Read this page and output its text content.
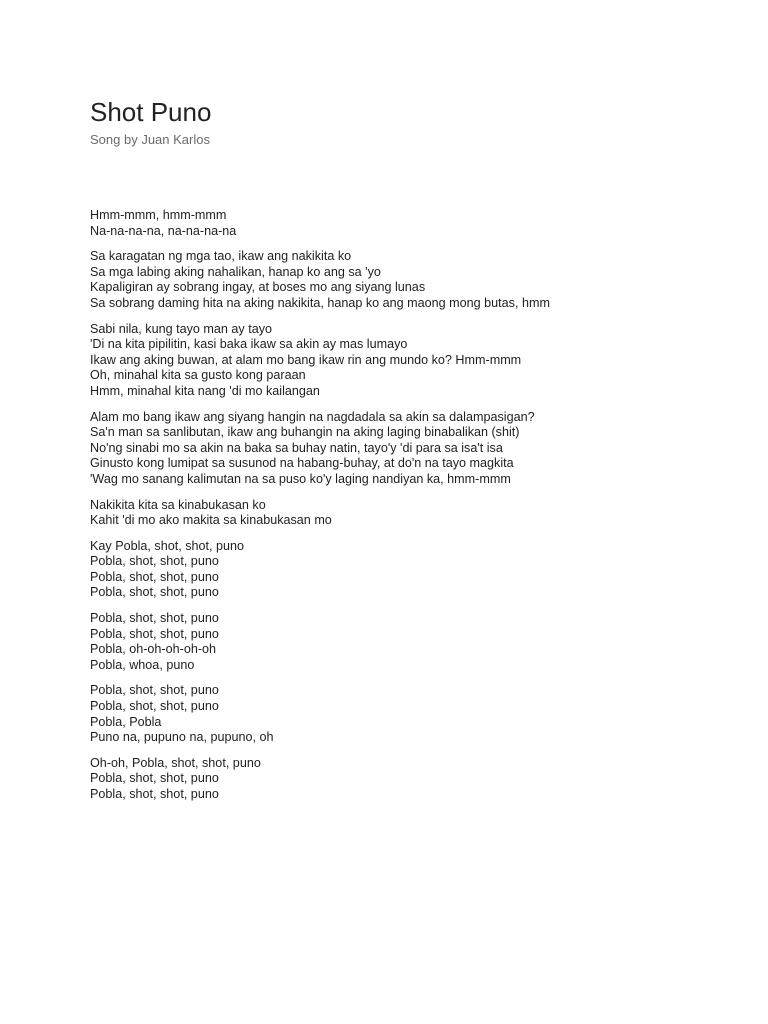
Shot Puno
Song by Juan Karlos
Hmm-mmm, hmm-mmm
Na-na-na-na, na-na-na-na
Sa karagatan ng mga tao, ikaw ang nakikita ko
Sa mga labing aking nahalikan, hanap ko ang sa 'yo
Kapaligiran ay sobrang ingay, at boses mo ang siyang lunas
Sa sobrang daming hita na aking nakikita, hanap ko ang maong mong butas, hmm
Sabi nila, kung tayo man ay tayo
'Di na kita pipilitin, kasi baka ikaw sa akin ay mas lumayo
Ikaw ang aking buwan, at alam mo bang ikaw rin ang mundo ko? Hmm-mmm
Oh, minahal kita sa gusto kong paraan
Hmm, minahal kita nang 'di mo kailangan
Alam mo bang ikaw ang siyang hangin na nagdadala sa akin sa dalampasigan?
Sa'n man sa sanlibutan, ikaw ang buhangin na aking laging binabalikan (shit)
No'ng sinabi mo sa akin na baka sa buhay natin, tayo'y 'di para sa isa't isa
Ginusto kong lumipat sa susunod na habang-buhay, at do'n na tayo magkita
'Wag mo sanang kalimutan na sa puso ko'y laging nandiyan ka, hmm-mmm
Nakikita kita sa kinabukasan ko
Kahit 'di mo ako makita sa kinabukasan mo
Kay Pobla, shot, shot, puno
Pobla, shot, shot, puno
Pobla, shot, shot, puno
Pobla, shot, shot, puno
Pobla, shot, shot, puno
Pobla, shot, shot, puno
Pobla, oh-oh-oh-oh-oh
Pobla, whoa, puno
Pobla, shot, shot, puno
Pobla, shot, shot, puno
Pobla, Pobla
Puno na, pupuno na, pupuno, oh
Oh-oh, Pobla, shot, shot, puno
Pobla, shot, shot, puno
Pobla, shot, shot, puno
